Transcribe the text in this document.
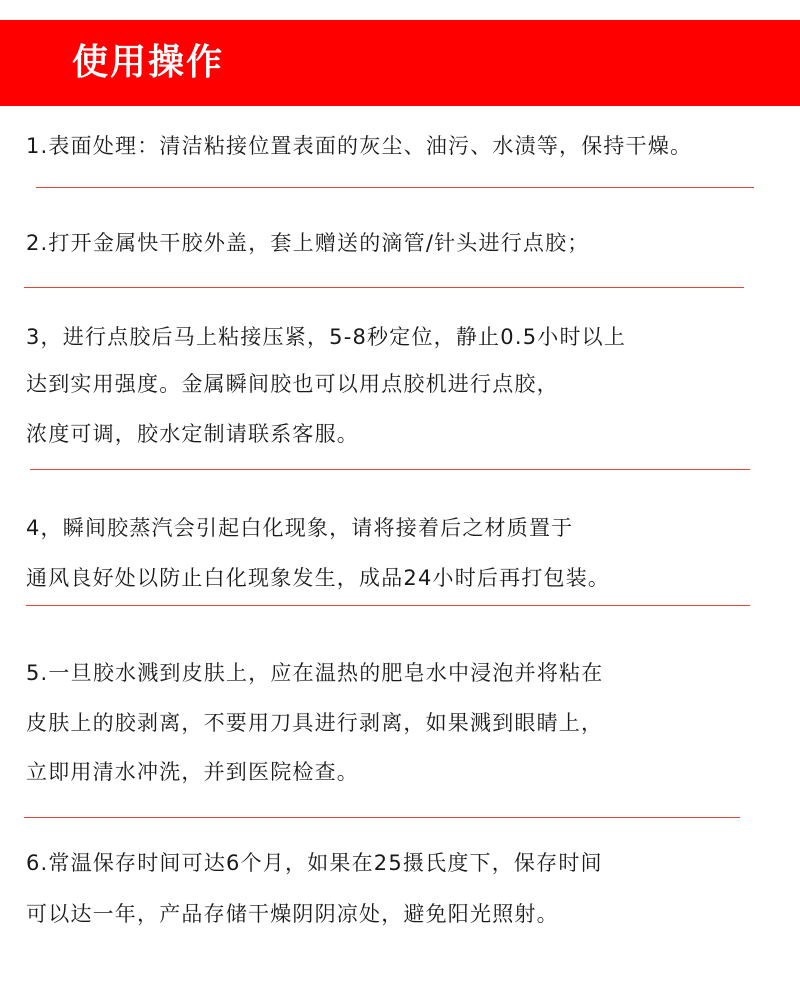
使用操作
1.表面处理：清洁粘接位置表面的灰尘、油污、水渍等，保持干燥。
2.打开金属快干胶外盖，套上赠送的滴管/针头进行点胶；
3，进行点胶后马上粘接压紧，5-8秒定位，静止0.5小时以上
达到实用强度。金属瞬间胶也可以用点胶机进行点胶，
浓度可调，胶水定制请联系客服。
4，瞬间胶蒸汽会引起白化现象，请将接着后之材质置于
通风良好处以防止白化现象发生，成品24小时后再打包装。
5.一旦胶水溅到皮肤上，应在温热的肥皂水中浸泡并将粘在
皮肤上的胶剥离，不要用刀具进行剥离，如果溅到眼睛上，
立即用清水冲洗，并到医院检查。
6.常温保存时间可达6个月，如果在25摄氏度下，保存时间
可以达一年，产品存储干燥阴阴凉处，避免阳光照射。
